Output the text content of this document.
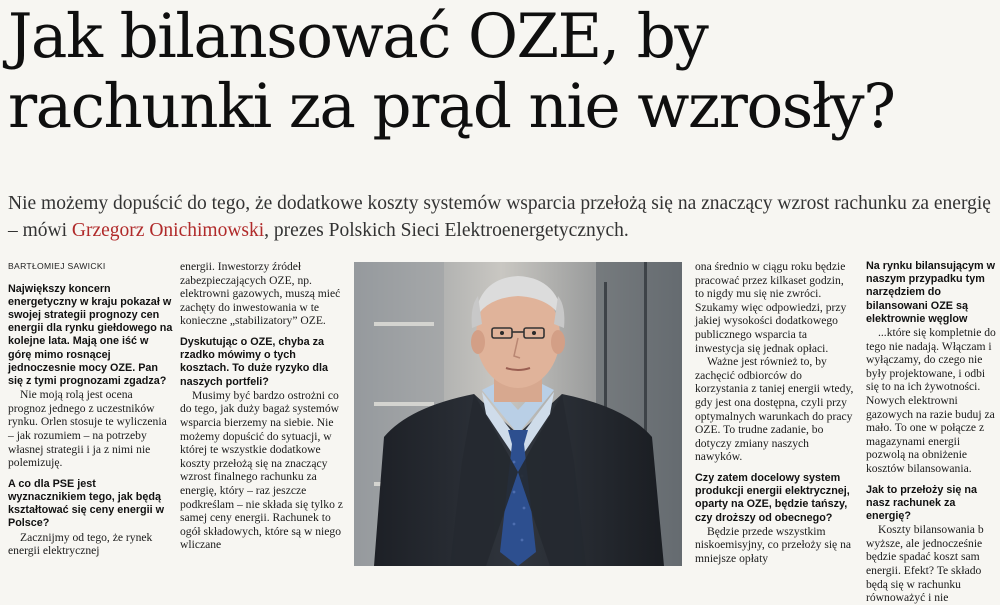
Jak bilansować OZE, by
rachunki za prąd nie wzrosły?

Nie możemy dopuścić do tego, że dodatkowe koszty systemów wsparcia przełożą się na znaczący wzrost rachunku za energię – mówi Grzegorz Onichimowski, prezes Polskich Sieci Elektroenergetycznych.

BARTŁOMIEJ SAWICKI

Największy koncern energetyczny w kraju pokazał w swojej strategii prognozy cen energii dla rynku giełdowego na kolejne lata. Mają one iść w górę mimo rosnącej jednoczesnie mocy OZE. Pan się z tymi prognozami zgadza?

Nie moją rolą jest ocena prognoz jednego z uczestników rynku. Orlen stosuje te wyliczenia – jak rozumiem – na potrzeby własnej strategii i ja z nimi nie polemizuję.

A co dla PSE jest wyznacznikiem tego, jak będą kształtować się ceny energii w Polsce?

Zacznijmy od tego, że rynek energii elektrycznej

energii. Inwestorzy źródeł zabezpieczających OZE, np. elektrowni gazowych, muszą mieć zachęty do inwestowania w te konieczne „stabilizatory” OZE.

Dyskutując o OZE, chyba za rzadko mówimy o tych kosztach. To duże ryzyko dla naszych portfeli?

Musimy być bardzo ostrożni co do tego, jak duży bagaż systemów wsparcia bierzemy na siebie. Nie możemy dopuścić do sytuacji, w której te wszystkie dodatkowe koszty przełożą się na znaczący wzrost finalnego rachunku za energię, który – raz jeszcze podkreślam – nie składa się tylko z samej ceny energii. Rachunek to ogół składowych, które są w niego wliczane

ona średnio w ciągu roku będzie pracować przez kilkaset godzin, to nigdy mu się nie zwróci. Szukamy więc odpowiedzi, przy jakiej wysokości dodatkowego publicznego wsparcia ta inwestycja się jednak opłaci.

Ważne jest również to, by zachęcić odbiorców do korzystania z taniej energii wtedy, gdy jest ona dostępna, czyli przy optymalnych warunkach do pracy OZE. To trudne zadanie, bo dotyczy zmiany naszych nawyków.

Czy zatem docelowy system produkcji energii elektrycznej, oparty na OZE, będzie tańszy, czy droższy od obecnego?

Będzie przede wszystkim niskoemisyjny, co przełoży się na mniejsze opłaty

Na rynku bilansującym w naszym przypadku tym narzędziem do bilansowani OZE są elektrownie węglow

...które się kompletnie do tego nie nadają. Włączam i wyłączamy, do czego nie były projektowane, i odbi się to na ich żywotności. Nowych elektrowni gazowych na razie buduj za mało. To one w połącze z magazynami energii pozwolą na obniżenie kosztów bilansowania.

Jak to przełoży się na nasz rachunek za energię?

Koszty bilansowania b wyższe, ale jednocześnie będzie spadać koszt sam energii. Efekt? Te składo będą się w rachunku równoważyć i nie
